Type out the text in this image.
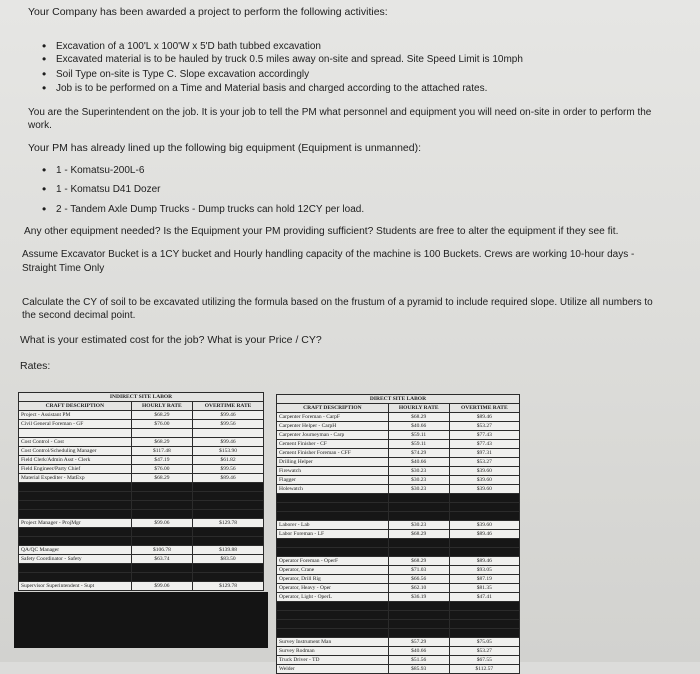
Your Company has been awarded a project to perform the following activities:
• Excavation of a 100'L x 100'W x 5'D bath tubbed excavation
• Excavated material is to be hauled by truck 0.5 miles away on-site and spread. Site Speed Limit is 10mph
• Soil Type on-site is Type C. Slope excavation accordingly
• Job is to be performed on a Time and Material basis and charged according to the attached rates.
You are the Superintendent on the job. It is your job to tell the PM what personnel and equipment you will need on-site in order to perform the
work.
Your PM has already lined up the following big equipment (Equipment is unmanned):
• 1 - Komatsu-200L-6
• 1 - Komatsu D41 Dozer
• 2 - Tandem Axle Dump Trucks - Dump trucks can hold 12CY per load.
Any other equipment needed? Is the Equipment your PM providing sufficient? Students are free to alter the equipment if they see fit.
Assume Excavator Bucket is a 1CY bucket and Hourly handling capacity of the machine is 100 Buckets. Crews are working 10-hour days -
Straight Time Only
Calculate the CY of soil to be excavated utilizing the formula based on the frustum of a pyramid to include required slope. Utilize all numbers to
the second decimal point.
What is your estimated cost for the job? What is your Price / CY?
Rates:
INDIRECT SITE LABOR		
CRAFT DESCRIPTION	HOURLY RATE	OVERTIME RATE
Project - Assistant PM	$68.29	$99.46
Civil General Foreman - GF	$76.00	$99.56

Cost Control - Cost	$68.29	$99.46
Cost Control/Scheduling Manager	$117.48	$153.90
Field Clerk/Admin Asst - Clerk	$47.19	$61.82
Field Engineer/Party Chief	$76.00	$99.56
Material Expediter - MatExp	$68.29	$89.46

Project Manager - ProjMgr	$99.06	$129.78

QA/QC Manager	$106.78	$139.88
Safety Coordinator - Safety	$63.74	$83.50

Supervisor Superintendent - Supt	$99.06	$129.78
DIRECT SITE LABOR		
CRAFT DESCRIPTION	HOURLY RATE	OVERTIME RATE
Carpenter Foreman - CarpF	$68.29	$89.46
Carpenter Helper - CarpH	$40.66	$53.27
Carpenter Journeyman - Carp	$59.11	$77.43
Cement Finisher - CF	$59.11	$77.43
Cement Finisher Foreman - CFF	$74.29	$97.31
Drilling Helper	$40.66	$53.27
Firewatch	$30.23	$39.60
Flagger	$30.23	$39.60
Holewatch	$30.23	$39.60

Laborer - Lab	$30.23	$39.60
Labor Foreman - LF	$68.29	$89.46

Operator Foreman - OperF	$68.29	$89.46
Operator, Crane	$71.03	$93.05
Operator, Drill Rig	$66.56	$87.19
Operator, Heavy - Oper	$62.10	$81.35
Operator, Light - OperL	$36.19	$47.41

Survey Instrument Man	$57.29	$75.05
Survey Rodman	$40.66	$53.27
Truck Driver - TD	$51.56	$67.55
Welder	$85.93	$112.57
